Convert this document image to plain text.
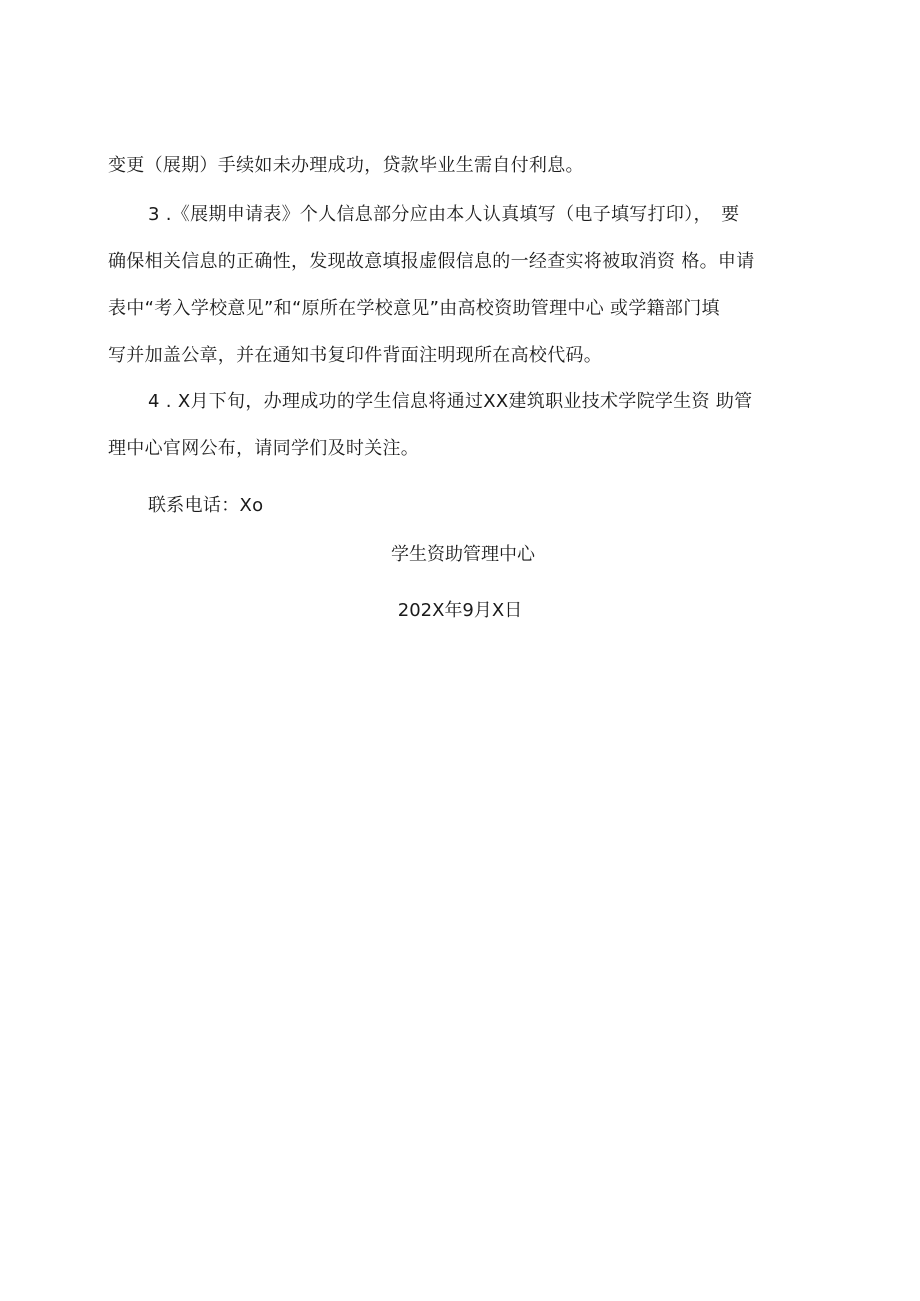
变更（展期）手续如未办理成功，贷款毕业生需自付利息。

3 .《展期申请表》个人信息部分应由本人认真填写（电子填写打印），　要
确保相关信息的正确性，发现故意填报虚假信息的一经查实将被取消资 格。申请
表中“考入学校意见”和“原所在学校意见”由高校资助管理中心 或学籍部门填
写并加盖公章，并在通知书复印件背面注明现所在高校代码。

4 . X月下旬，办理成功的学生信息将通过XX建筑职业技术学院学生资 助管
理中心官网公布，请同学们及时关注。

联系电话：Xo

学生资助管理中心

202X年9月X日
